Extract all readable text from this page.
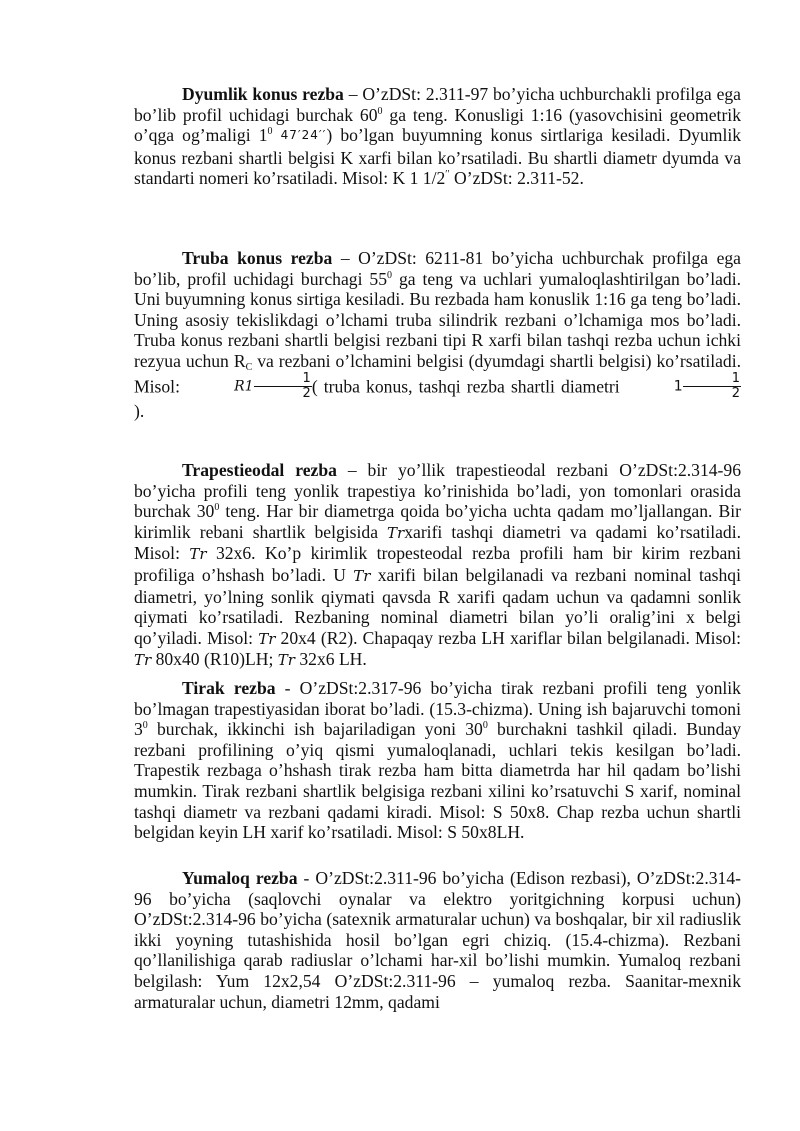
Dyumlik konus rezba – O’zDSt: 2.311-97 bo’yicha uchburchakli profilga ega bo’lib profil uchidagi burchak $60^0$ ga teng. Konusligi 1:16 (yasovchisini geometrik o’qga og’maligi $1^0$ 47′24′′) bo’lgan buyumning konus sirtlariga kesiladi. Dyumlik konus rezbani shartli belgisi K xarfi bilan ko’rsatiladi. Bu shartli diametr dyumda va standarti nomeri ko’rsatiladi. Misol: K 1 1/2′′ O’zDSt: 2.311-52.

Truba konus rezba – O’zDSt: 6211-81 bo’yicha uchburchak profilga ega bo’lib, profil uchidagi burchagi $55^0$ ga teng va uchlari yumaloqlashtirilgan bo’ladi. Uni buyumning konus sirtiga kesiladi. Bu rezbada ham konuslik 1:16 ga teng bo’ladi. Uning asosiy tekislikdagi o’lchami truba silindrik rezbani o’lchamiga mos bo’ladi. Truba konus rezbani shartli belgisi rezbani tipi R xarfi bilan tashqi rezba uchun ichki rezyua uchun $R_C$ va rezbani o’lchamini belgisi (dyumdagi shartli belgisi) ko’rsatiladi. Misol:	$R1 \frac{1}{2}$ ( truba konus, tashqi rezba shartli diametri	$1 \frac{1}{2}$
).

Trapestieodal rezba – bir yo’llik trapestieodal rezbani O’zDSt:2.314-96 bo’yicha profili teng yonlik trapestiya ko’rinishida bo’ladi, yon tomonlari orasida burchak $30^0$ teng. Har bir diametrga qoida bo’yicha uchta qadam mo’ljallangan. Bir kirimlik rebani shartlik belgisida Trxarifi tashqi diametri va qadami ko’rsatiladi. Misol: Tr 32x6. Ko’p kirimlik tropesteodal rezba profili ham bir kirim rezbani profiliga o’hshash bo’ladi. U Tr xarifi bilan belgilanadi va rezbani nominal tashqi diametri, yo’lning sonlik qiymati qavsda R xarifi qadam uchun va qadamni sonlik qiymati ko’rsatiladi. Rezbaning nominal diametri bilan yo’li oralig’ini x belgi qo’yiladi. Misol: Tr 20x4 (R2). Chapaqay rezba LH xariflar bilan belgilanadi. Misol: Tr 80x40 (R10)LH; Tr 32x6 LH.

Tirak rezba - O’zDSt:2.317-96 bo’yicha tirak rezbani profili teng yonlik bo’lmagan trapestiyasidan iborat bo’ladi. (15.3-chizma). Uning ish bajaruvchi tomoni $3^0$ burchak, ikkinchi ish bajariladigan yoni $30^0$ burchakni tashkil qiladi. Bunday rezbani profilining o’yiq qismi yumaloqlanadi, uchlari tekis kesilgan bo’ladi. Trapestik rezbaga o’hshash tirak rezba ham bitta diametrda har hil qadam bo’lishi mumkin. Tirak rezbani shartlik belgisiga rezbani xilini ko’rsatuvchi S xarif, nominal tashqi diametr va rezbani qadami kiradi. Misol: S 50x8. Chap rezba uchun shartli belgidan keyin LH xarif ko’rsatiladi. Misol: S 50x8LH.

Yumaloq rezba - O’zDSt:2.311-96 bo’yicha (Edison rezbasi), O’zDSt:2.314-96 bo’yicha (saqlovchi oynalar va elektro yoritgichning korpusi uchun) O’zDSt:2.314-96 bo’yicha (satexnik armaturalar uchun) va boshqalar, bir xil radiuslik ikki yoyning tutashishida hosil bo’lgan egri chiziq. (15.4-chizma). Rezbani qo’llanilishiga qarab radiuslar o’lchami har-xil bo’lishi mumkin. Yumaloq rezbani belgilash: Yum 12x2,54 O’zDSt:2.311-96 – yumaloq rezba. Saanitar-mexnik armaturalar uchun, diametri 12mm, qadami
